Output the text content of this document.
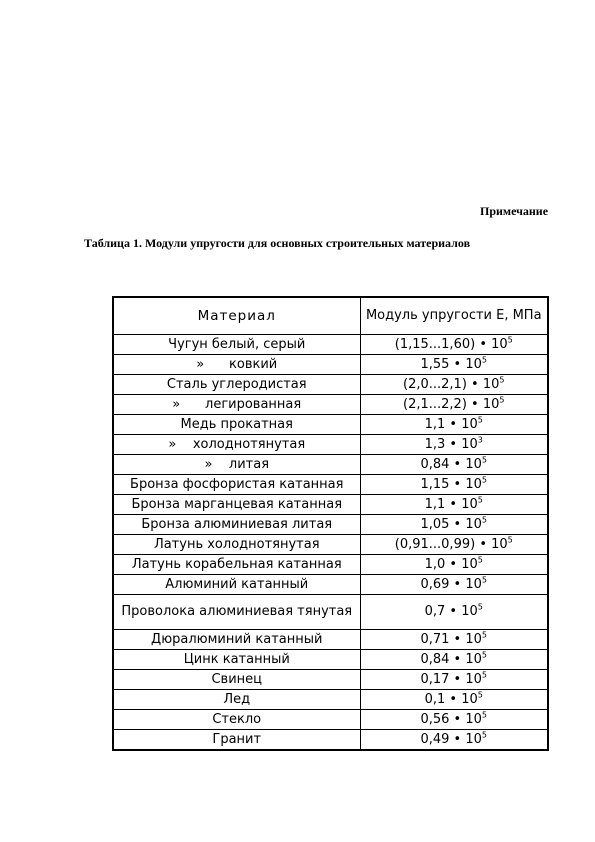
Примечание
Таблица 1. Модули упругости для основных строительных материалов
Материал	Модуль упругости E, МПа
Чугун белый, серый	(1,15...1,60) • $10^5$
»      ковкий	1,55 • $10^5$
Сталь углеродистая	(2,0...2,1) • $10^5$
»      легированная	(2,1...2,2) • $10^5$
Медь прокатная	1,1 • $10^5$
»    холоднотянутая	1,3 • $10^3$
»    литая	0,84 • $10^5$
Бронза фосфористая катанная	1,15 • $10^5$
Бронза марганцевая катанная	1,1 • $10^5$
Бронза алюминиевая литая	1,05 • $10^5$
Латунь холоднотянутая	(0,91...0,99) • $10^5$
Латунь корабельная катанная	1,0 • $10^5$
Алюминий катанный	0,69 • $10^5$
Проволока алюминиевая тянутая	0,7 • $10^5$
Дюралюминий катанный	0,71 • $10^5$
Цинк катанный	0,84 • $10^5$
Свинец	0,17 • $10^5$
Лед	0,1 • $10^5$
Стекло	0,56 • $10^5$
Гранит	0,49 • $10^5$
